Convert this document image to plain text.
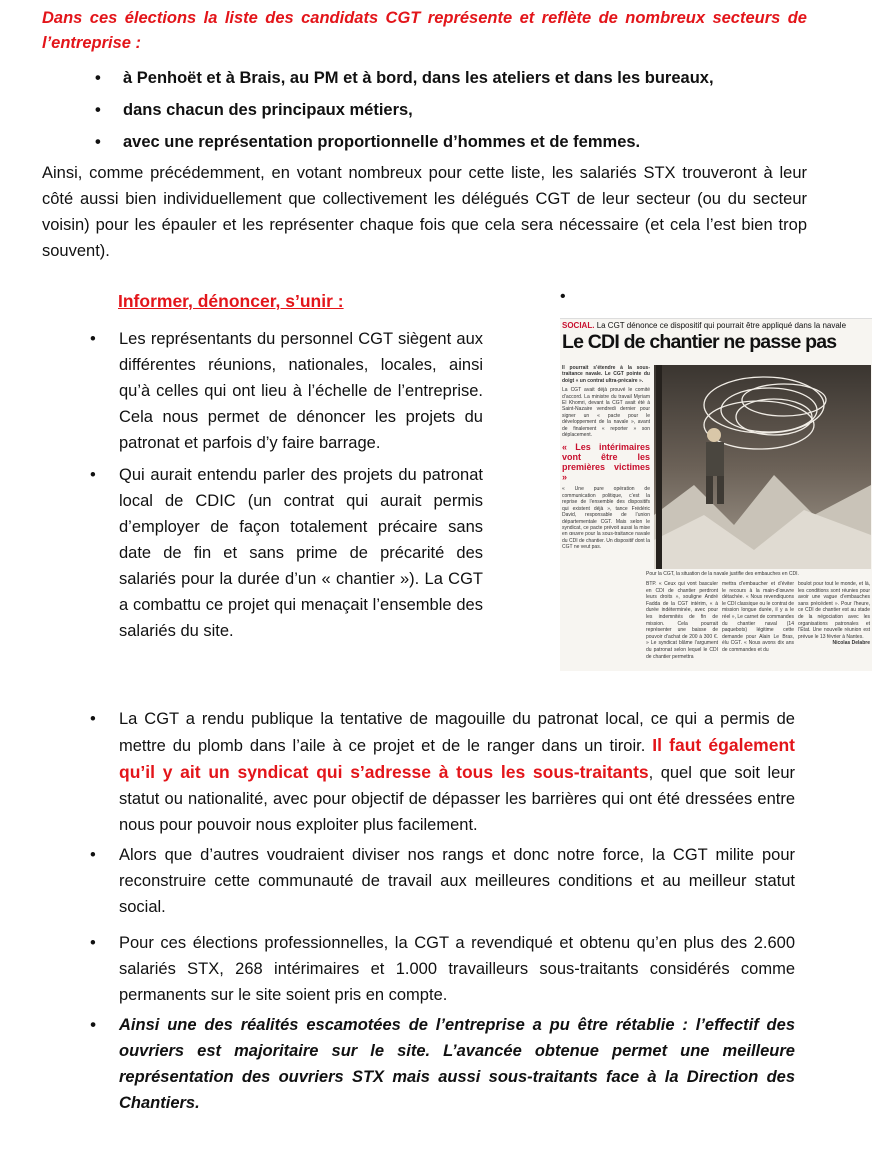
Dans ces élections la liste des candidats CGT représente et reflète de nombreux secteurs de l’entreprise :

• à Penhoët et à Brais, au PM et à bord, dans les ateliers et dans les bureaux,
• dans chacun des principaux métiers,
• avec une représentation proportionnelle d’hommes et de femmes.

Ainsi, comme précédemment, en votant nombreux pour cette liste, les salariés STX trouveront à leur côté aussi bien individuellement que collectivement les délégués CGT de leur secteur (ou du secteur voisin) pour les épauler et les représenter chaque fois que cela sera nécessaire (et cela l’est bien trop souvent).

Informer, dénoncer, s’unir :	•
• Les représentants du personnel CGT siègent aux différentes réunions, nationales, locales, ainsi qu’à celles qui ont lieu à l’échelle de l’entreprise. Cela nous permet de dénoncer les projets du patronat et parfois d’y faire barrage.
• Qui aurait entendu parler des projets du patronat local de CDIC (un contrat qui aurait permis d’employer de façon totalement précaire sans date de fin et sans prime de précarité des salariés pour la durée d’un « chantier »). La CGT a combattu ce projet qui menaçait l’ensemble des salariés du site.
SOCIAL. La CGT dénonce ce dispositif qui pourrait être appliqué dans la navale
Le CDI de chantier ne passe pas
Il pourrait s’étendre à la sous-traitance navale. Le CGT pointe du doigt « un contrat ultra-précaire ».
La CGT avait déjà prouvé le comité d’accord. La ministre du travail Myriam El Khomri, devant la CGT avait été à Saint-Nazaire vendredi dernier pour signer un « pacte pour le développement de la navale », avant de finalement « reporter » son déplacement.
« Les intérimaires vont être les premières victimes »
« Une pure opération de communication politique, c’est la reprise de l’ensemble des dispositifs qui existent déjà », tance Frédéric David, responsable de l’union départementale CGT. Mais selon le syndicat, ce pacte prévoit aussi la mise en œuvre pour la sous-traitance navale du CDI de chantier. Un dispositif dont la CGT ne veut pas.
Pour la CGT, la situation de la navale justifie des embauches en CDI.
BTP. « Ceux qui vont basculer en CDI de chantier perdront leurs droits », souligne André Fadda de la CGT intérim, « à durée indéterminée, avec pour les indemnités de fin de mission. Cela pourrait représenter une baisse de pouvoir d’achat de 200 à 300 €. » Le syndicat blâme l’argument du patronat selon lequel le CDI de chantier permettra
mettra d’embaucher et d’éviter le recours à la main-d’œuvre détachée. « Nous revendiquons le CDI classique ou le contrat de mission longue durée, il y a le réel », Le carnet de commandes du chantier naval (14 paquebots) légitime cette demande pour Alain Le Bras, élu CGT. « Nous avons dix ans de commandes et du
boulot pour tout le monde, et là, les conditions sont réunies pour avoir une vague d’embauches sans précédent ». Pour l’heure, ce CDI de chantier est au stade de la négociation avec les organisations patronales et l’État. Une nouvelle réunion est prévue le 13 février à Nantes.
Nicolas Delabre
• La CGT a rendu publique la tentative de magouille du patronat local, ce qui a permis de mettre du plomb dans l’aile à ce projet et de le ranger dans un tiroir. Il faut également qu’il y ait un syndicat qui s’adresse à tous les sous-traitants, quel que soit leur statut ou nationalité, avec pour objectif de dépasser les barrières qui ont été dressées entre nous pour pouvoir nous exploiter plus facilement.
• Alors que d’autres voudraient diviser nos rangs et donc notre force, la CGT milite pour reconstruire cette communauté de travail aux meilleures conditions et au meilleur statut social.
• Pour ces élections professionnelles, la CGT a revendiqué et obtenu qu’en plus des 2.600 salariés STX, 268 intérimaires et 1.000 travailleurs sous-traitants considérés comme permanents sur le site soient pris en compte.
• Ainsi une des réalités escamotées de l’entreprise a pu être rétablie : l’effectif des ouvriers est majoritaire sur le site. L’avancée obtenue permet une meilleure représentation des ouvriers STX mais aussi sous-traitants face à la Direction des Chantiers.
